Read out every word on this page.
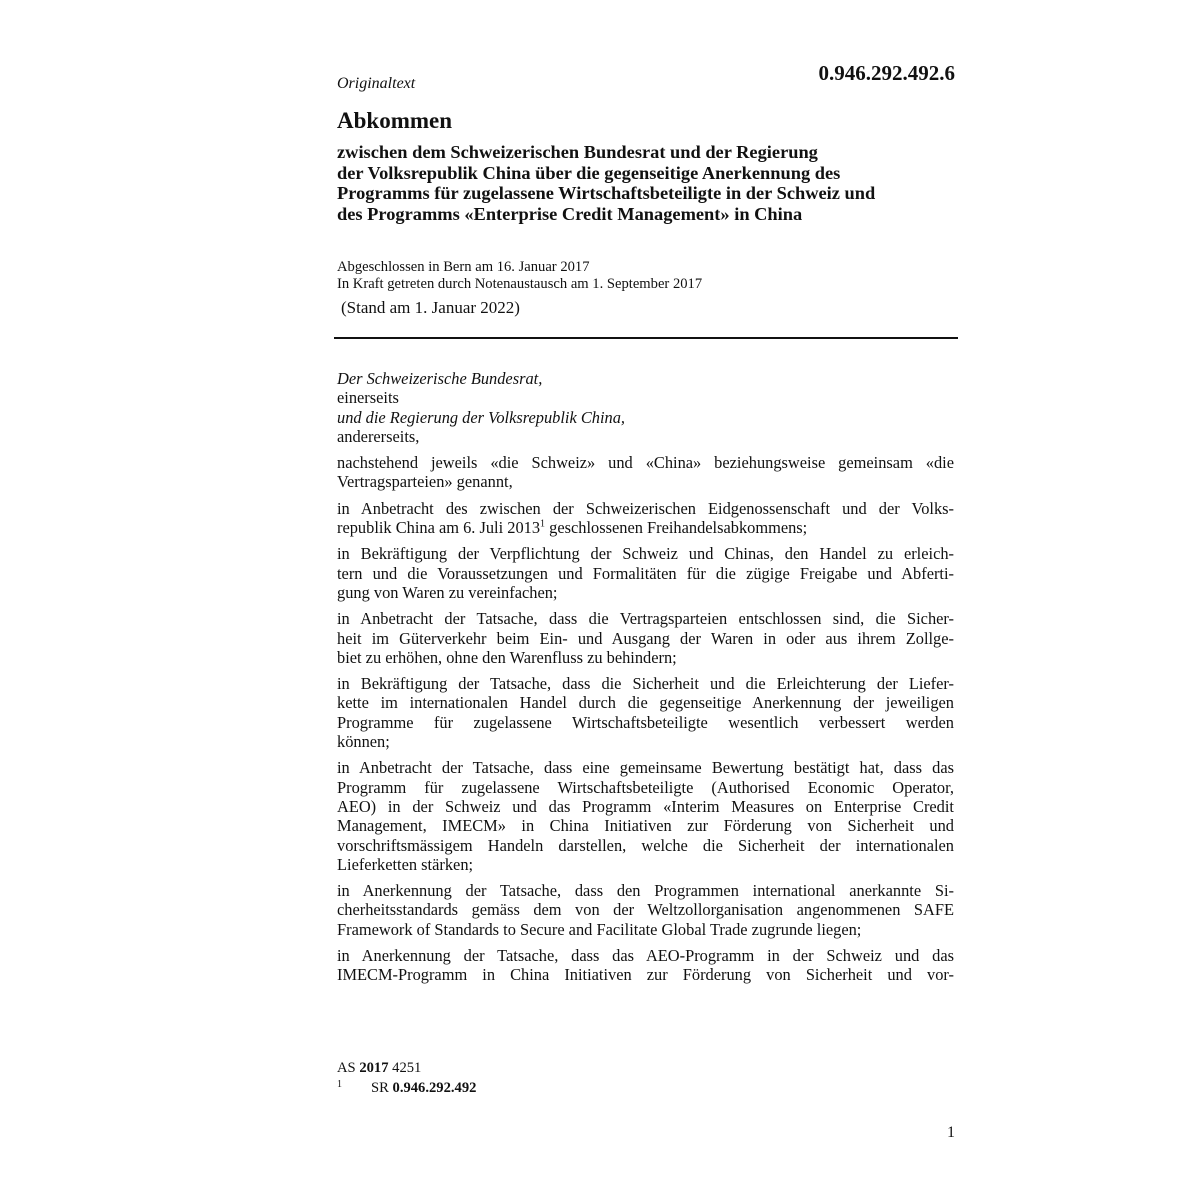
0.946.292.492.6
Originaltext
Abkommen
zwischen dem Schweizerischen Bundesrat und der Regierung
der Volksrepublik China über die gegenseitige Anerkennung des
Programms für zugelassene Wirtschaftsbeteiligte in der Schweiz und
des Programms «Enterprise Credit Management» in China
Abgeschlossen in Bern am 16. Januar 2017
In Kraft getreten durch Notenaustausch am 1. September 2017
(Stand am 1. Januar 2022)
Der Schweizerische Bundesrat,
einerseits
und die Regierung der Volksrepublik China,
andererseits,
nachstehend jeweils «die Schweiz» und «China» beziehungsweise gemeinsam «die
Vertragsparteien» genannt,
in Anbetracht des zwischen der Schweizerischen Eidgenossenschaft und der Volks-
republik China am 6. Juli 2013$^1$ geschlossenen Freihandelsabkommens;
in Bekräftigung der Verpflichtung der Schweiz und Chinas, den Handel zu erleich-
tern und die Voraussetzungen und Formalitäten für die zügige Freigabe und Abferti-
gung von Waren zu vereinfachen;
in Anbetracht der Tatsache, dass die Vertragsparteien entschlossen sind, die Sicher-
heit im Güterverkehr beim Ein- und Ausgang der Waren in oder aus ihrem Zollge-
biet zu erhöhen, ohne den Warenfluss zu behindern;
in Bekräftigung der Tatsache, dass die Sicherheit und die Erleichterung der Liefer-
kette im internationalen Handel durch die gegenseitige Anerkennung der jeweiligen
Programme für zugelassene Wirtschaftsbeteiligte wesentlich verbessert werden
können;
in Anbetracht der Tatsache, dass eine gemeinsame Bewertung bestätigt hat, dass das
Programm für zugelassene Wirtschaftsbeteiligte (Authorised Economic Operator,
AEO) in der Schweiz und das Programm «Interim Measures on Enterprise Credit
Management, IMECM» in China Initiativen zur Förderung von Sicherheit und
vorschriftsmässigem Handeln darstellen, welche die Sicherheit der internationalen
Lieferketten stärken;
in Anerkennung der Tatsache, dass den Programmen international anerkannte Si-
cherheitsstandards gemäss dem von der Weltzollorganisation angenommenen SAFE
Framework of Standards to Secure and Facilitate Global Trade zugrunde liegen;
in Anerkennung der Tatsache, dass das AEO-Programm in der Schweiz und das
IMECM-Programm in China Initiativen zur Förderung von Sicherheit und vor-
AS 2017 4251
1 SR 0.946.292.492
1
